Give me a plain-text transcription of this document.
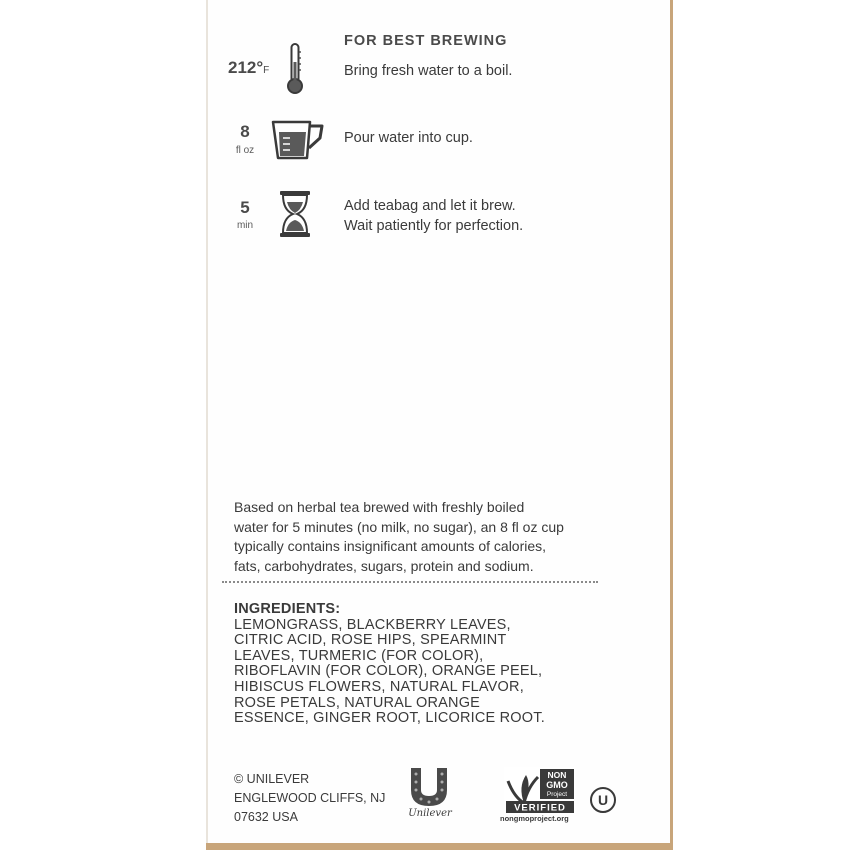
FOR BEST BREWING
212°F	Bring fresh water to a boil.
8
fl oz
Pour water into cup.
5
min
Add teabag and let it brew.
Wait patiently for perfection.
Based on herbal tea brewed with freshly boiled
water for 5 minutes (no milk, no sugar), an 8 fl oz cup
typically contains insignificant amounts of calories,
fats, carbohydrates, sugars, protein and sodium.
INGREDIENTS:
LEMONGRASS, BLACKBERRY LEAVES,
CITRIC ACID, ROSE HIPS, SPEARMINT
LEAVES, TURMERIC (FOR COLOR),
RIBOFLAVIN (FOR COLOR), ORANGE PEEL,
HIBISCUS FLOWERS, NATURAL FLAVOR,
ROSE PETALS, NATURAL ORANGE
ESSENCE, GINGER ROOT, LICORICE ROOT.
© UNILEVER
ENGLEWOOD CLIFFS, NJ
07632 USA	Unilever
NON
GMO
Project
VERIFIED
nongmoproject.org
U
